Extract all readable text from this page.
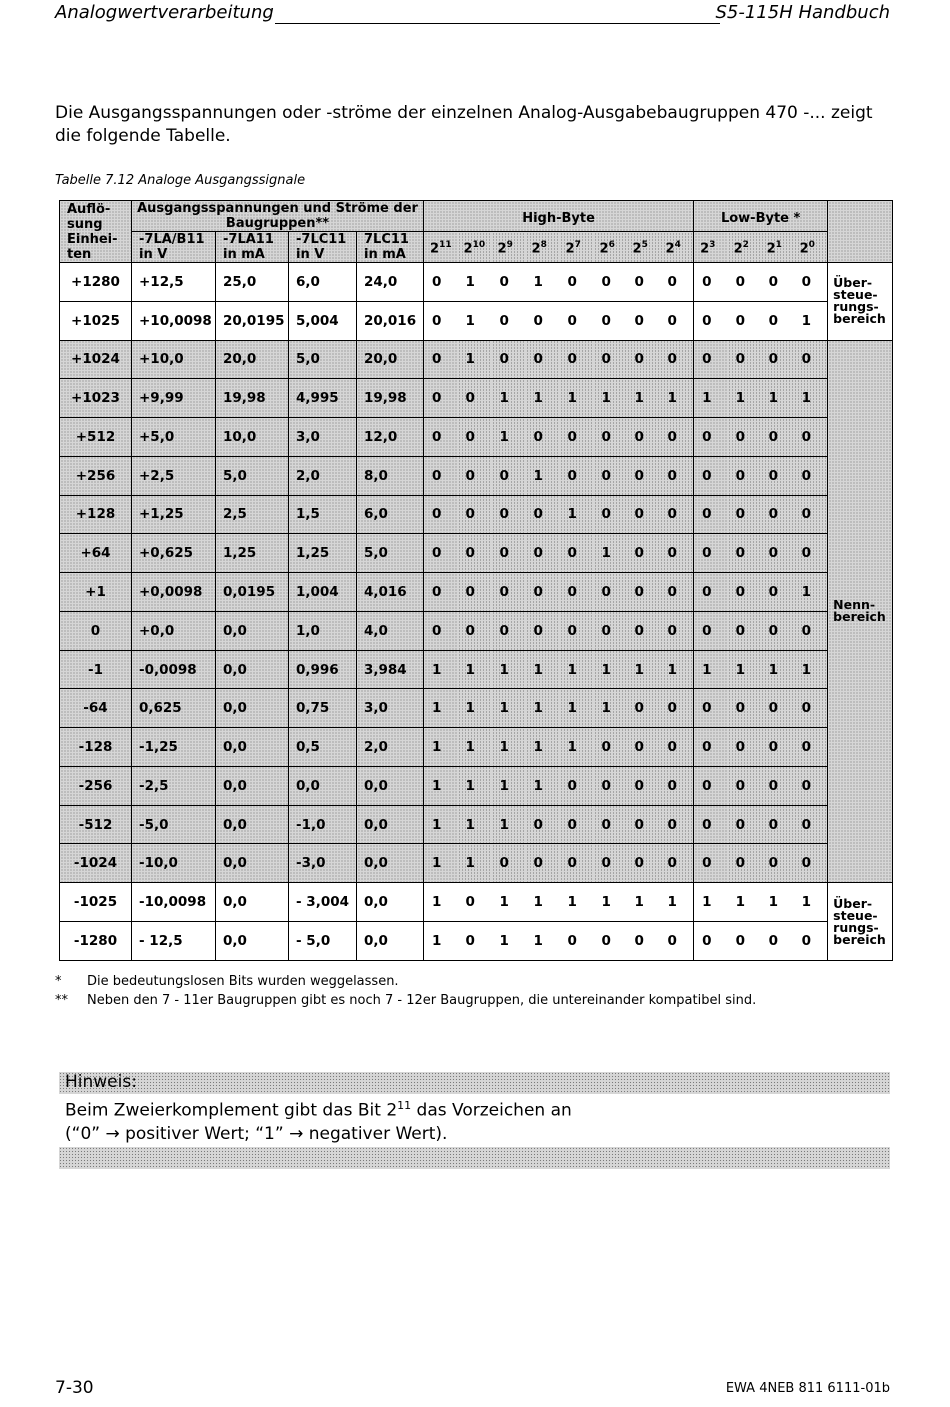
Analogwertverarbeitung	S5-115H Handbuch
Die Ausgangsspannungen oder -ströme der einzelnen Analog-Ausgabebaugruppen 470 -... zeigt die folgende Tabelle.
Tabelle 7.12 Analoge Ausgangssignale
Auflö-sung Einhei-ten	Ausgangsspannungen und Ströme der Baugruppen**				High-Byte								Low-Byte *				
	-7LA/B11 in V	-7LA11 in mA	-7LC11 in V	7LC11 in mA	$2^{11}$	$2^{10}$	$2^9$	$2^8$	$2^7$	$2^6$	$2^5$	$2^4$	$2^3$	$2^2$	$2^1$	$2^0$
+1280	+12,5	25,0	6,0	24,0	0	1	0	1	0	0	0	0	0	0	0	0	Über-steue-rungs-bereich
+1025	+10,0098	20,0195	5,004	20,016	0	1	0	0	0	0	0	0	0	0	0	1	
+1024	+10,0	20,0	5,0	20,0	0	1	0	0	0	0	0	0	0	0	0	0	Nenn-bereich
+1023	+9,99	19,98	4,995	19,98	0	0	1	1	1	1	1	1	1	1	1	1	
+512	+5,0	10,0	3,0	12,0	0	0	1	0	0	0	0	0	0	0	0	0	
+256	+2,5	5,0	2,0	8,0	0	0	0	1	0	0	0	0	0	0	0	0	
+128	+1,25	2,5	1,5	6,0	0	0	0	0	1	0	0	0	0	0	0	0	
+64	+0,625	1,25	1,25	5,0	0	0	0	0	0	1	0	0	0	0	0	0	
+1	+0,0098	0,0195	1,004	4,016	0	0	0	0	0	0	0	0	0	0	0	1	
0	+0,0	0,0	1,0	4,0	0	0	0	0	0	0	0	0	0	0	0	0	
-1	-0,0098	0,0	0,996	3,984	1	1	1	1	1	1	1	1	1	1	1	1	
-64	0,625	0,0	0,75	3,0	1	1	1	1	1	1	0	0	0	0	0	0	
-128	-1,25	0,0	0,5	2,0	1	1	1	1	1	0	0	0	0	0	0	0	
-256	-2,5	0,0	0,0	0,0	1	1	1	1	0	0	0	0	0	0	0	0	
-512	-5,0	0,0	-1,0	0,0	1	1	1	0	0	0	0	0	0	0	0	0	
-1024	-10,0	0,0	-3,0	0,0	1	1	0	0	0	0	0	0	0	0	0	0	
-1025	-10,0098	0,0	- 3,004	0,0	1	0	1	1	1	1	1	1	1	1	1	1	Über-steue-rungs-bereich
-1280	- 12,5	0,0	- 5,0	0,0	1	0	1	1	0	0	0	0	0	0	0	0	
* Die bedeutungslosen Bits wurden weggelassen.
** Neben den 7 - 11er Baugruppen gibt es noch 7 - 12er Baugruppen, die untereinander kompatibel sind.
Hinweis:
Beim Zweierkomplement gibt das Bit $2^{11}$ das Vorzeichen an
(“0” → positiver Wert; “1” → negativer Wert).
7-30	EWA 4NEB 811 6111-01b
